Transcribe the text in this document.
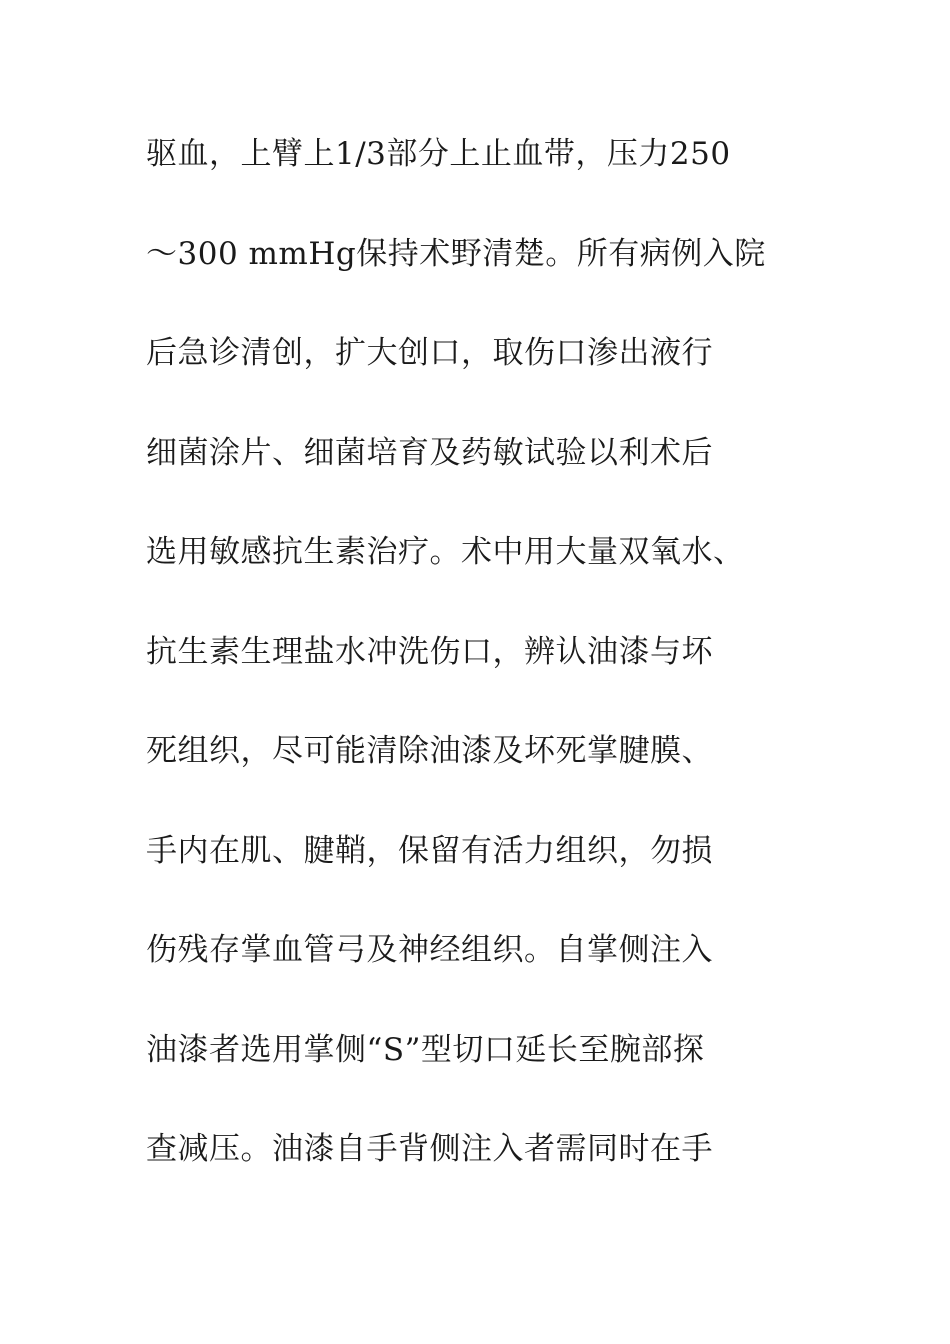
驱血，上臂上1/3部分上止血带，压力250
～300 mmHg保持术野清楚。所有病例入院
后急诊清创，扩大创口，取伤口渗出液行
细菌涂片、细菌培育及药敏试验以利术后
选用敏感抗生素治疗。术中用大量双氧水、
抗生素生理盐水冲洗伤口，辨认油漆与坏
死组织，尽可能清除油漆及坏死掌腱膜、
手内在肌、腱鞘，保留有活力组织，勿损
伤残存掌血管弓及神经组织。自掌侧注入
油漆者选用掌侧“S”型切口延长至腕部探
查减压。油漆自手背侧注入者需同时在手
